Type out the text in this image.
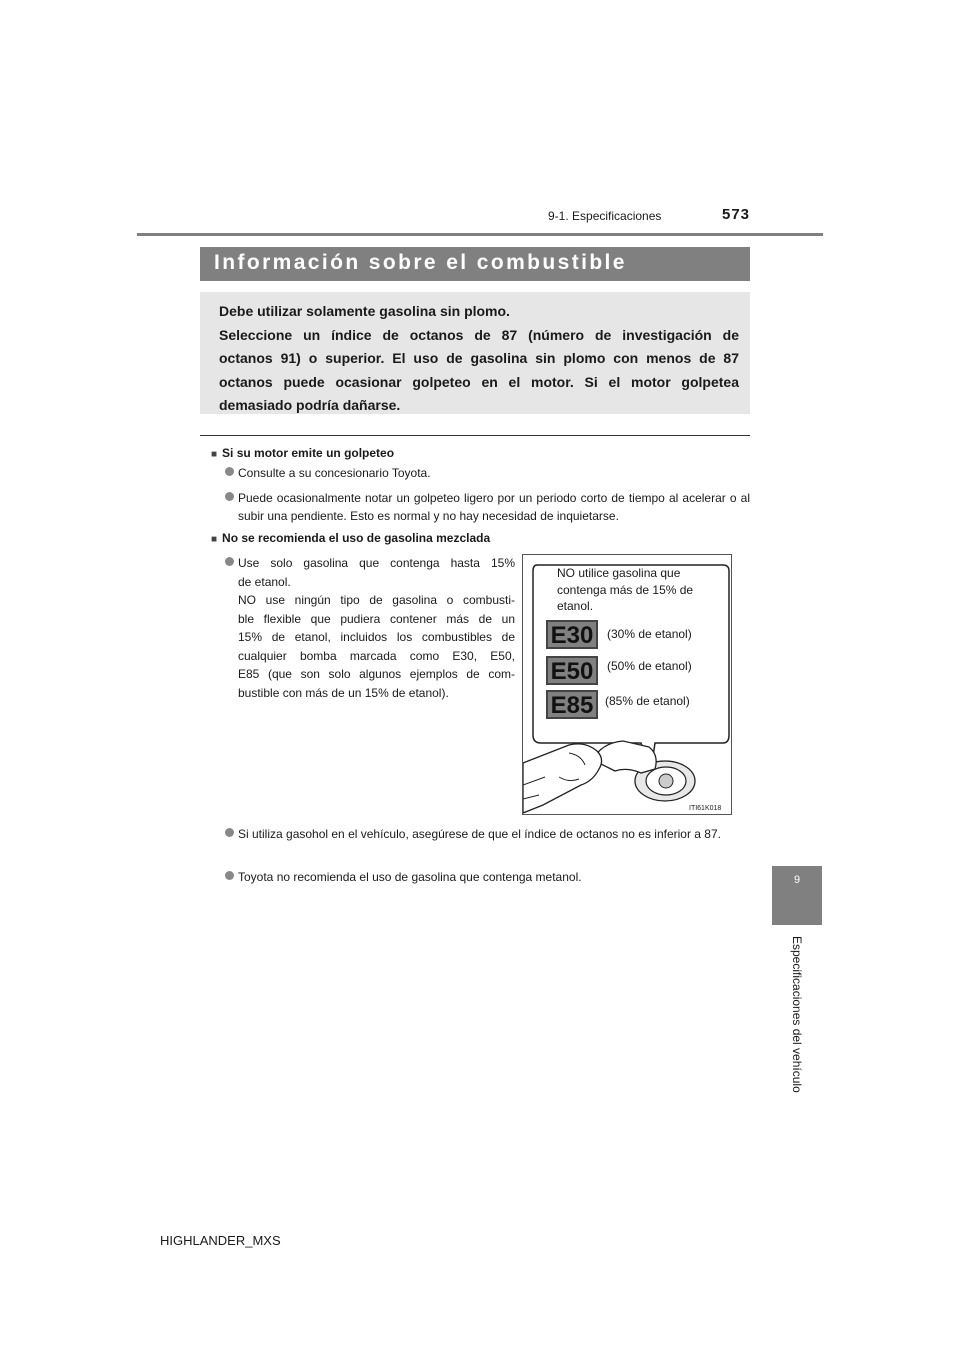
9-1. Especificaciones	573
Información sobre el combustible
Debe utilizar solamente gasolina sin plomo.
Seleccione un índice de octanos de 87 (número de investigación de
octanos 91) o superior. El uso de gasolina sin plomo con menos de 87
octanos puede ocasionar golpeteo en el motor. Si el motor golpetea
demasiado podría dañarse.
■ Si su motor emite un golpeteo
Consulte a su concesionario Toyota.
Puede ocasionalmente notar un golpeteo ligero por un periodo corto de tiempo al acelerar o al subir una pendiente. Esto es normal y no hay necesidad de inquietarse.
■ No se recomienda el uso de gasolina mezclada
Use solo gasolina que contenga hasta 15%
de etanol.
NO use ningún tipo de gasolina o combusti-
ble flexible que pudiera contener más de un
15% de etanol, incluidos los combustibles de
cualquier bomba marcada como E30, E50,
E85 (que son solo algunos ejemplos de com-
bustible con más de un 15% de etanol).
NO utilice gasolina que
contenga más de 15% de
etanol.
E30	(30% de etanol)
E50	(50% de etanol)
E85 (85% de etanol)
ITI61K018
Si utiliza gasohol en el vehículo, asegúrese de que el índice de octanos no es inferior a 87.
Toyota no recomienda el uso de gasolina que contenga metanol.	9
Especificaciones del vehículo
HIGHLANDER_MXS
